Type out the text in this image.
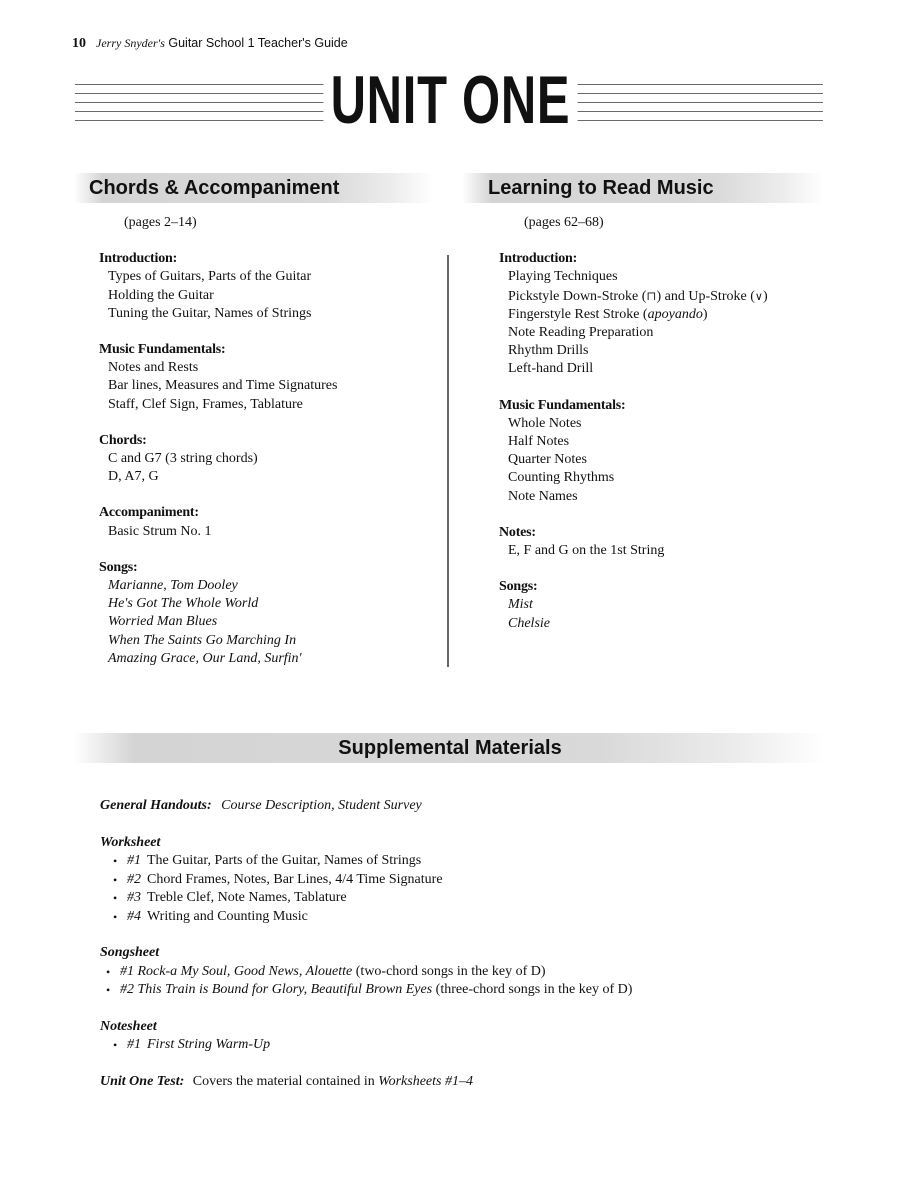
10 Jerry Snyder's Guitar School 1 Teacher's Guide
UNIT ONE
Chords & Accompaniment	Learning to Read Music
(pages 2–14)
Introduction:
Types of Guitars, Parts of the Guitar
Holding the Guitar
Tuning the Guitar, Names of Strings
Music Fundamentals:
Notes and Rests
Bar lines, Measures and Time Signatures
Staff, Clef Sign, Frames, Tablature
Chords:
C and G7 (3 string chords)
D, A7, G
Accompaniment:
Basic Strum No. 1
Songs:
Marianne, Tom Dooley
He's Got The Whole World
Worried Man Blues
When The Saints Go Marching In
Amazing Grace, Our Land, Surfin'
(pages 62–68)
Introduction:
Playing Techniques
Pickstyle Down-Stroke (⊓) and Up-Stroke (∨)
Fingerstyle Rest Stroke (apoyando)
Note Reading Preparation
Rhythm Drills
Left-hand Drill
Music Fundamentals:
Whole Notes
Half Notes
Quarter Notes
Counting Rhythms
Note Names
Notes:
E, F and G on the 1st String
Songs:
Mist
Chelsie
Supplemental Materials
General Handouts: Course Description, Student Survey
Worksheet
• #1 The Guitar, Parts of the Guitar, Names of Strings
• #2 Chord Frames, Notes, Bar Lines, 4/4 Time Signature
• #3 Treble Clef, Note Names, Tablature
• #4 Writing and Counting Music
Songsheet
• #1 Rock-a My Soul, Good News, Alouette (two-chord songs in the key of D)
• #2 This Train is Bound for Glory, Beautiful Brown Eyes (three-chord songs in the key of D)
Notesheet
• #1 First String Warm-Up
Unit One Test: Covers the material contained in Worksheets #1–4
